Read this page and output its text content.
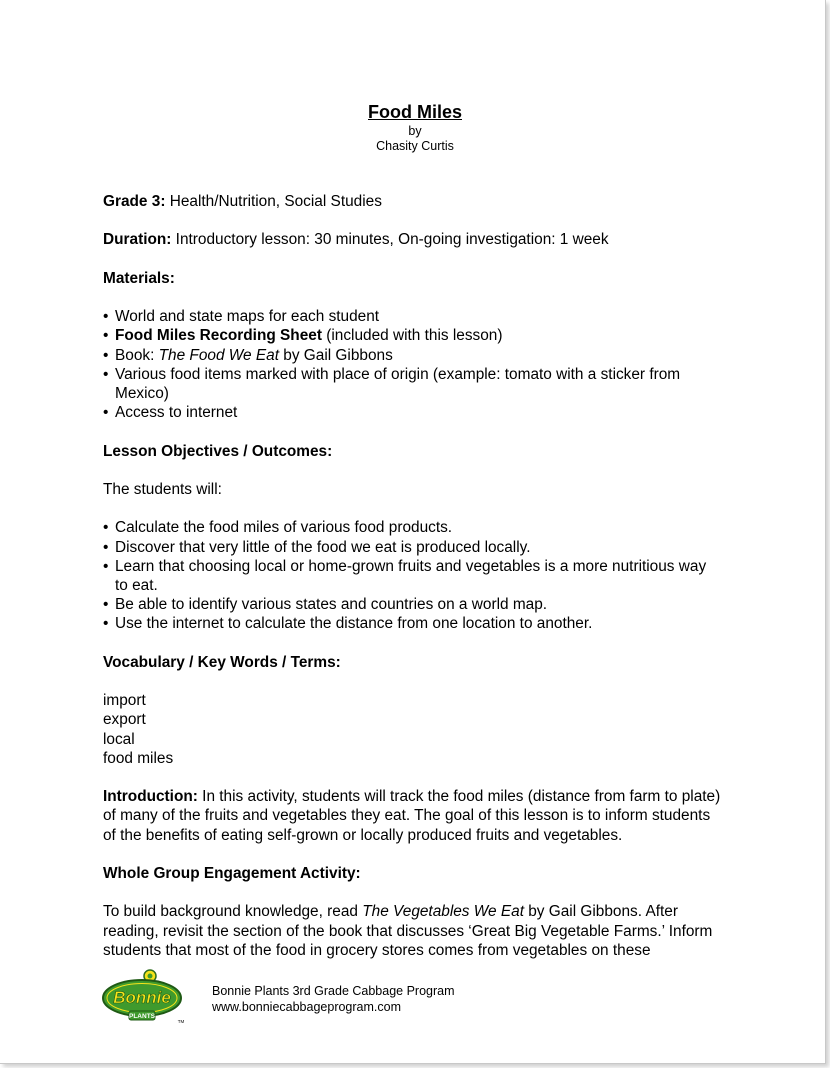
Food Miles
by
Chasity Curtis

Grade 3: Health/Nutrition, Social Studies

Duration: Introductory lesson: 30 minutes, On-going investigation: 1 week

Materials:

• World and state maps for each student
• Food Miles Recording Sheet (included with this lesson)
• Book: The Food We Eat by Gail Gibbons
• Various food items marked with place of origin (example: tomato with a sticker from Mexico)
• Access to internet

Lesson Objectives / Outcomes:

The students will:

• Calculate the food miles of various food products.
• Discover that very little of the food we eat is produced locally.
• Learn that choosing local or home-grown fruits and vegetables is a more nutritious way to eat.
• Be able to identify various states and countries on a world map.
• Use the internet to calculate the distance from one location to another.

Vocabulary / Key Words / Terms:

import
export
local
food miles

Introduction: In this activity, students will track the food miles (distance from farm to plate) of many of the fruits and vegetables they eat. The goal of this lesson is to inform students of the benefits of eating self-grown or locally produced fruits and vegetables.

Whole Group Engagement Activity:

To build background knowledge, read The Vegetables We Eat by Gail Gibbons. After reading, revisit the section of the book that discusses ‘Great Big Vegetable Farms.’ Inform students that most of the food in grocery stores comes from vegetables on these

Bonnie
PLANTS
TM
Bonnie Plants 3rd Grade Cabbage Program
www.bonniecabbageprogram.com
